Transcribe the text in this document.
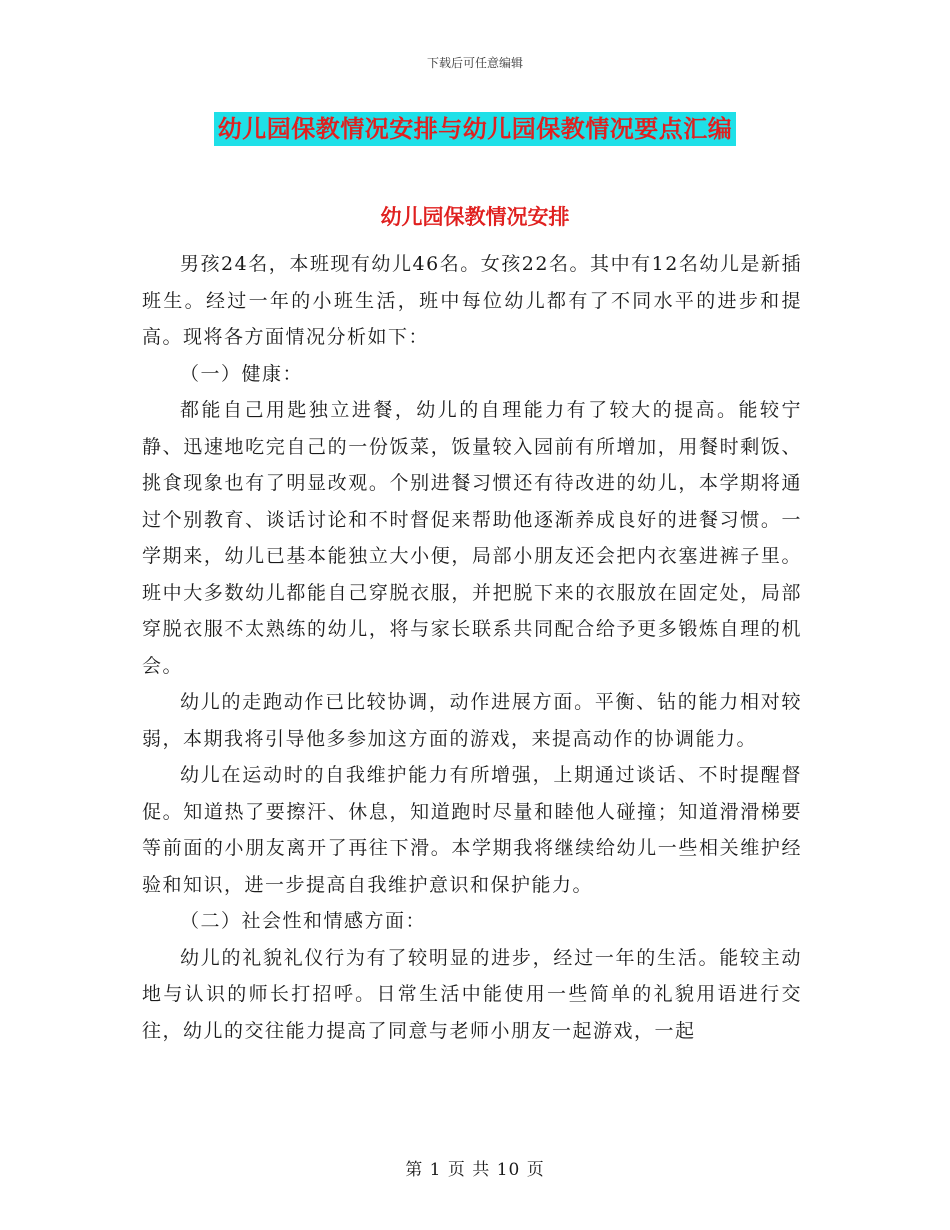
下载后可任意编辑
幼儿园保教情况安排与幼儿园保教情况要点汇编
幼儿园保教情况安排

男孩24名，本班现有幼儿46名。女孩22名。其中有12名幼儿是新插班生。经过一年的小班生活，班中每位幼儿都有了不同水平的进步和提高。现将各方面情况分析如下：

（一）健康：

都能自己用匙独立进餐，幼儿的自理能力有了较大的提高。能较宁静、迅速地吃完自己的一份饭菜，饭量较入园前有所增加，用餐时剩饭、挑食现象也有了明显改观。个别进餐习惯还有待改进的幼儿，本学期将通过个别教育、谈话讨论和不时督促来帮助他逐渐养成良好的进餐习惯。一学期来，幼儿已基本能独立大小便，局部小朋友还会把内衣塞进裤子里。班中大多数幼儿都能自己穿脱衣服，并把脱下来的衣服放在固定处，局部穿脱衣服不太熟练的幼儿，将与家长联系共同配合给予更多锻炼自理的机会。

幼儿的走跑动作已比较协调，动作进展方面。平衡、钻的能力相对较弱，本期我将引导他多参加这方面的游戏，来提高动作的协调能力。

幼儿在运动时的自我维护能力有所增强，上期通过谈话、不时提醒督促。知道热了要擦汗、休息，知道跑时尽量和睦他人碰撞；知道滑滑梯要等前面的小朋友离开了再往下滑。本学期我将继续给幼儿一些相关维护经验和知识，进一步提高自我维护意识和保护能力。

（二）社会性和情感方面：

幼儿的礼貌礼仪行为有了较明显的进步，经过一年的生活。能较主动地与认识的师长打招呼。日常生活中能使用一些简单的礼貌用语进行交往，幼儿的交往能力提高了同意与老师小朋友一起游戏，一起

第 1 页 共 10 页
